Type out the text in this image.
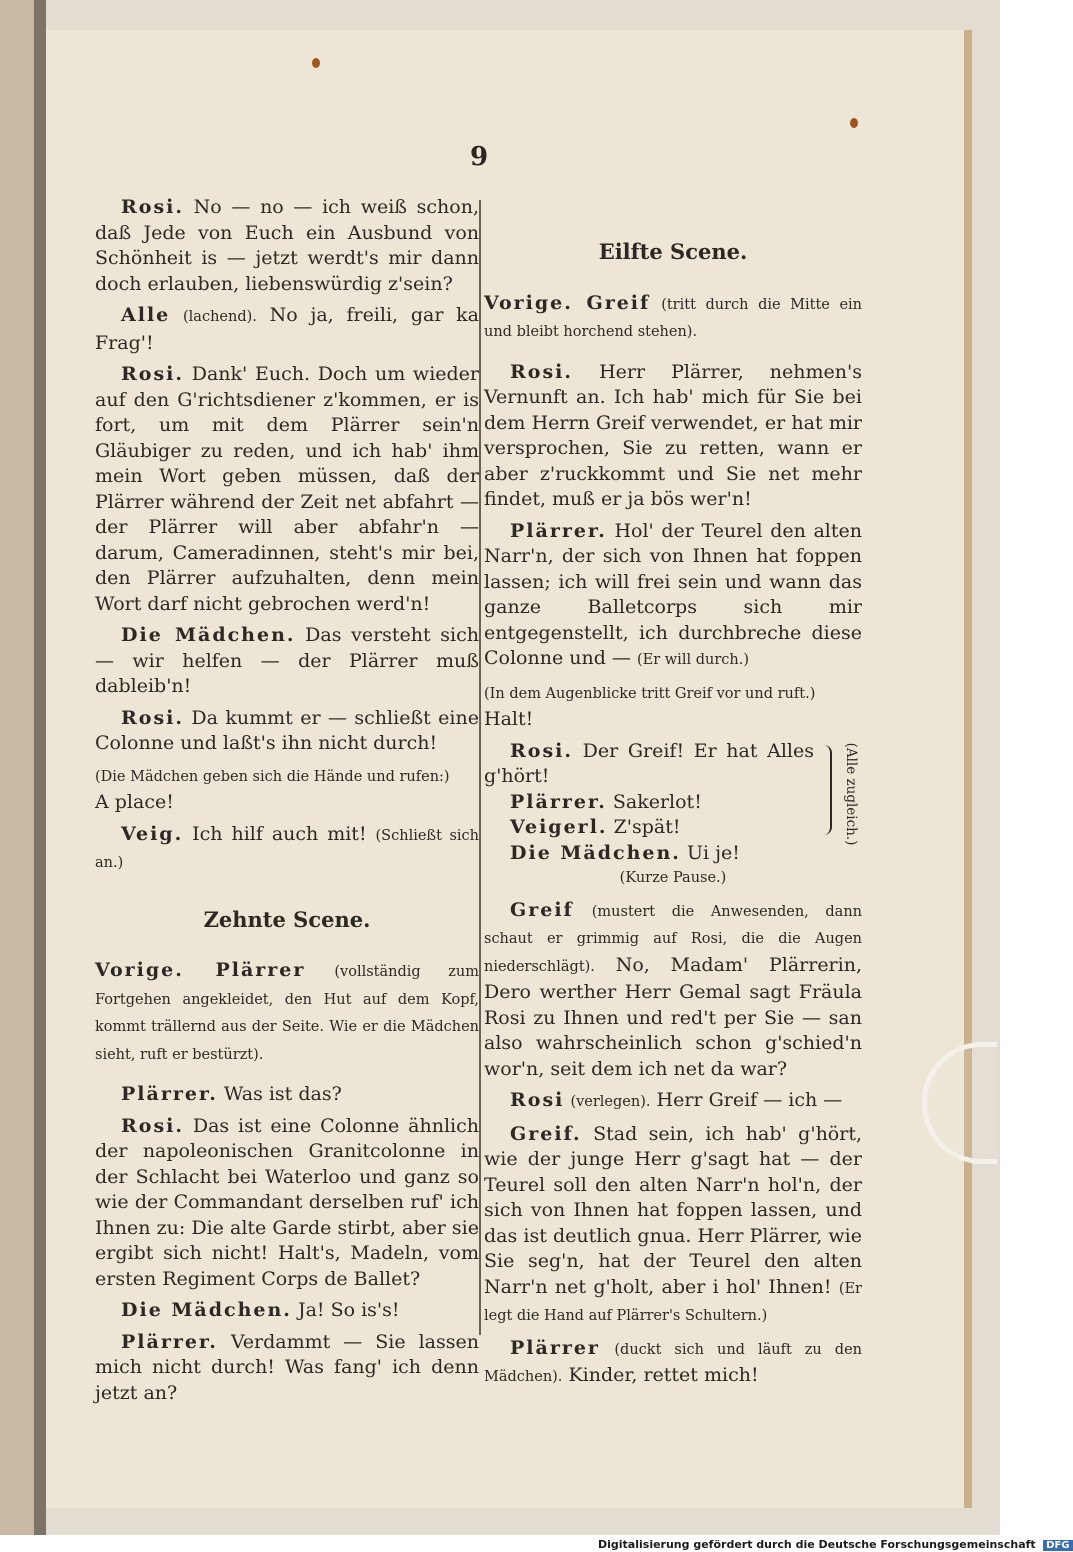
9

Rosi. No — no — ich weiß schon, daß Jede von Euch ein Ausbund von Schönheit is — jetzt werdt's mir dann doch erlauben, liebenswürdig z'sein?

Alle (lachend). No ja, freili, gar ka Frag'!

Rosi. Dank' Euch. Doch um wieder auf den G'richtsdiener z'kommen, er is fort, um mit dem Plärrer sein'n Gläubiger zu reden, und ich hab' ihm mein Wort geben müssen, daß der Plärrer während der Zeit net abfahrt — der Plärrer will aber abfahr'n — darum, Cameradinnen, steht's mir bei, den Plärrer aufzuhalten, denn mein Wort darf nicht gebrochen werd'n!

Die Mädchen. Das versteht sich — wir helfen — der Plärrer muß dableib'n!

Rosi. Da kummt er — schließt eine Colonne und laßt's ihn nicht durch!

(Die Mädchen geben sich die Hände und rufen:)
A place!

Veig. Ich hilf auch mit! (Schließt sich an.)

Zehnte Scene.

Vorige. Plärrer (vollständig zum Fortgehen angekleidet, den Hut auf dem Kopf, kommt trällernd aus der Seite. Wie er die Mädchen sieht, ruft er bestürzt).

Plärrer. Was ist das?

Rosi. Das ist eine Colonne ähnlich der napoleonischen Granitcolonne in der Schlacht bei Waterloo und ganz so wie der Commandant derselben ruf' ich Ihnen zu: Die alte Garde stirbt, aber sie ergibt sich nicht! Halt's, Madeln, vom ersten Regiment Corps de Ballet?

Die Mädchen. Ja! So is's!

Plärrer. Verdammt — Sie lassen mich nicht durch! Was fang' ich denn jetzt an?

Eilfte Scene.

Vorige. Greif (tritt durch die Mitte ein und bleibt horchend stehen).

Rosi. Herr Plärrer, nehmen's Vernunft an. Ich hab' mich für Sie bei dem Herrn Greif verwendet, er hat mir versprochen, Sie zu retten, wann er aber z'ruckkommt und Sie net mehr findet, muß er ja bös wer'n!

Plärrer. Hol' der Teurel den alten Narr'n, der sich von Ihnen hat foppen lassen; ich will frei sein und wann das ganze Balletcorps sich mir entgegenstellt, ich durchbreche diese Colonne und — (Er will durch.)

(In dem Augenblicke tritt Greif vor und ruft.)
Halt!

Rosi. Der Greif! Er hat Alles g'hört!

Plärrer. Sakerlot!

Veigerl. Z'spät!

Die Mädchen. Ui je!

(Alle zugleich.)
(Kurze Pause.)

Greif (mustert die Anwesenden, dann schaut er grimmig auf Rosi, die die Augen niederschlägt). No, Madam' Plärrerin, Dero werther Herr Gemal sagt Fräula Rosi zu Ihnen und red't per Sie — san also wahrscheinlich schon g'schied'n wor'n, seit dem ich net da war?

Rosi (verlegen). Herr Greif — ich —

Greif. Stad sein, ich hab' g'hört, wie der junge Herr g'sagt hat — der Teurel soll den alten Narr'n hol'n, der sich von Ihnen hat foppen lassen, und das ist deutlich gnua. Herr Plärrer, wie Sie seg'n, hat der Teurel den alten Narr'n net g'holt, aber i hol' Ihnen! (Er legt die Hand auf Plärrer's Schultern.)

Plärrer (duckt sich und läuft zu den Mädchen). Kinder, rettet mich!

Digitalisierung gefördert durch die Deutsche Forschungsgemeinschaft DFG
